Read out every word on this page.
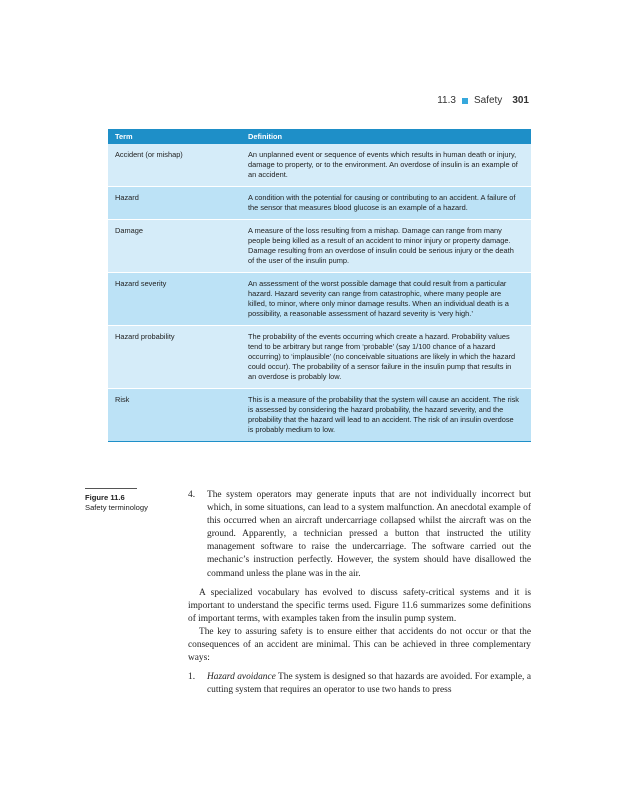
11.3 Safety 301
Term	Definition
Accident (or mishap)	An unplanned event or sequence of events which results in human death or injury, damage to property, or to the environment. An overdose of insulin is an example of an accident.
Hazard	A condition with the potential for causing or contributing to an accident. A failure of the sensor that measures blood glucose is an example of a hazard.
Damage	A measure of the loss resulting from a mishap. Damage can range from many people being killed as a result of an accident to minor injury or property damage. Damage resulting from an overdose of insulin could be serious injury or the death of the user of the insulin pump.
Hazard severity	An assessment of the worst possible damage that could result from a particular hazard. Hazard severity can range from catastrophic, where many people are killed, to minor, where only minor damage results. When an individual death is a possibility, a reasonable assessment of hazard severity is ‘very high.’
Hazard probability	The probability of the events occurring which create a hazard. Probability values tend to be arbitrary but range from ‘probable’ (say 1/100 chance of a hazard occurring) to ‘implausible’ (no conceivable situations are likely in which the hazard could occur). The probability of a sensor failure in the insulin pump that results in an overdose is probably low.
Risk	This is a measure of the probability that the system will cause an accident. The risk is assessed by considering the hazard probability, the hazard severity, and the probability that the hazard will lead to an accident. The risk of an insulin overdose is probably medium to low.
Figure 11.6
Safety terminology
4.	The system operators may generate inputs that are not individually incorrect but which, in some situations, can lead to a system malfunction. An anecdotal example of this occurred when an aircraft undercarriage collapsed whilst the aircraft was on the ground. Apparently, a technician pressed a button that instructed the utility management software to raise the undercarriage. The software carried out the mechanic’s instruction perfectly. However, the system should have disallowed the command unless the plane was in the air.

A specialized vocabulary has evolved to discuss safety-critical systems and it is important to understand the specific terms used. Figure 11.6 summarizes some definitions of important terms, with examples taken from the insulin pump system.

The key to assuring safety is to ensure either that accidents do not occur or that the consequences of an accident are minimal. This can be achieved in three complementary ways:

1.	Hazard avoidance The system is designed so that hazards are avoided. For example, a cutting system that requires an operator to use two hands to press
